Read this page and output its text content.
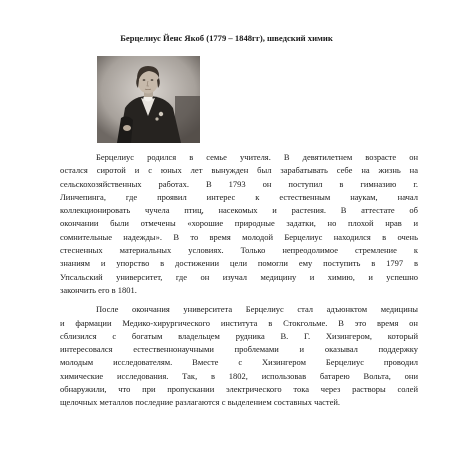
Берцелиус Йенс Якоб (1779 – 1848гг), шведский химик
Берцелиус родился в семье учителя. В девятилетнем возрасте он
остался сиротой и с юных лет вынужден был зарабатывать себе на жизнь на
сельскохозяйственных работах. В 1793 он поступил в гимназию г.
Линчепинга, где проявил интерес к естественным наукам, начал
коллекционировать чучела птиц, насекомых и растения. В аттестате об
окончании были отмечены «хорошие природные задатки, но плохой нрав и
сомнительные надежды». В то время молодой Берцелиус находился в очень
стесненных материальных условиях. Только непреодолимое стремление к
знаниям и упорство в достижении цели помогли ему поступить в 1797 в
Упсальский университет, где он изучал медицину и химию, и успешно
закончить его в 1801.
После окончания университета Берцелиус стал адъюнктом медицины
и фармации Медико-хирургического института в Стокгольме. В это время он
сблизился с богатым владельцем рудника В. Г. Хизингером, который
интересовался естественнонаучными проблемами и оказывал поддержку
молодым исследователям. Вместе с Хизингером Берцелиус проводил
химические исследования. Так, в 1802, использовав батарею Вольта, они
обнаружили, что при пропускании электрического тока через растворы солей
щелочных металлов последние разлагаются с выделением составных частей.
